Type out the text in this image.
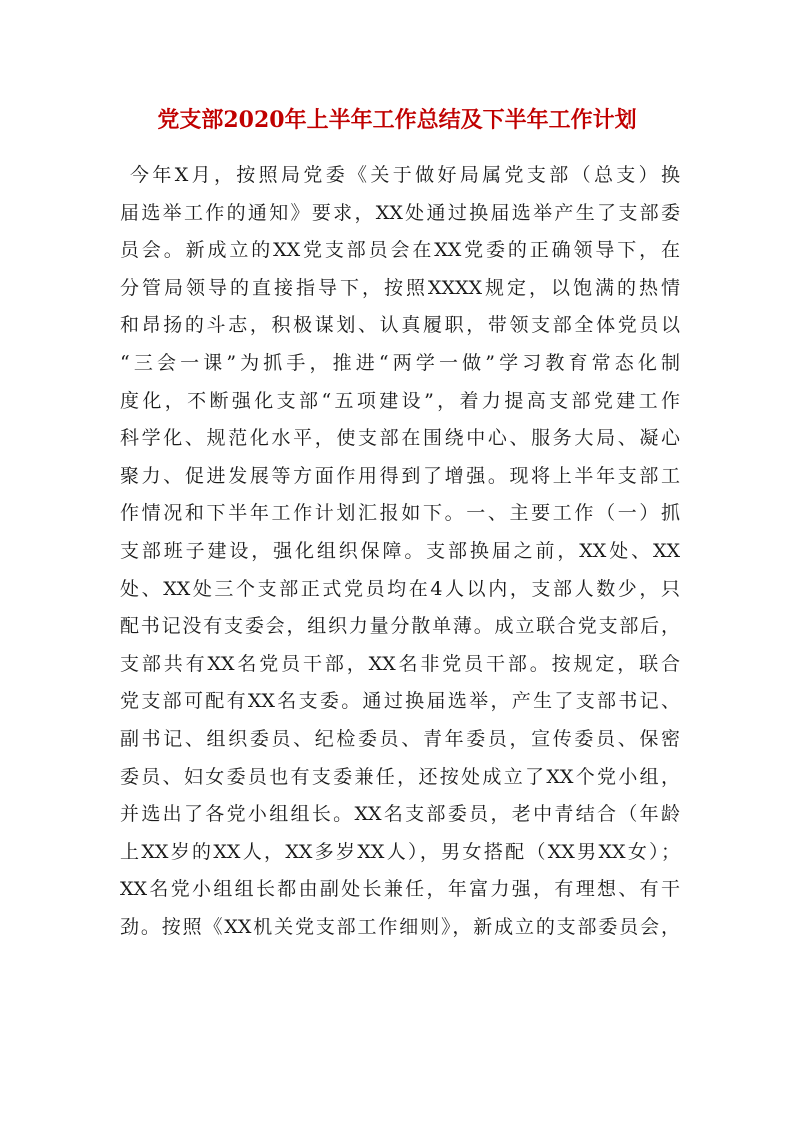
党支部2020年上半年工作总结及下半年工作计划
今年X月，按照局党委《关于做好局属党支部（总支）换
届选举工作的通知》要求，XX处通过换届选举产生了支部委
员会。新成立的XX党支部员会在XX党委的正确领导下，在
分管局领导的直接指导下，按照XXXX规定，以饱满的热情
和昂扬的斗志，积极谋划、认真履职，带领支部全体党员以
“三会一课”为抓手，推进“两学一做”学习教育常态化制
度化，不断强化支部“五项建设”，着力提高支部党建工作
科学化、规范化水平，使支部在围绕中心、服务大局、凝心
聚力、促进发展等方面作用得到了增强。现将上半年支部工
作情况和下半年工作计划汇报如下。一、主要工作（一）抓
支部班子建设，强化组织保障。支部换届之前，XX处、XX
处、XX处三个支部正式党员均在4人以内，支部人数少，只
配书记没有支委会，组织力量分散单薄。成立联合党支部后，
支部共有XX名党员干部，XX名非党员干部。按规定，联合
党支部可配有XX名支委。通过换届选举，产生了支部书记、
副书记、组织委员、纪检委员、青年委员，宣传委员、保密
委员、妇女委员也有支委兼任，还按处成立了XX个党小组，
并选出了各党小组组长。XX名支部委员，老中青结合（年龄
上XX岁的XX人，XX多岁XX人），男女搭配（XX男XX女）；
XX名党小组组长都由副处长兼任，年富力强，有理想、有干
劲。按照《XX机关党支部工作细则》，新成立的支部委员会，
